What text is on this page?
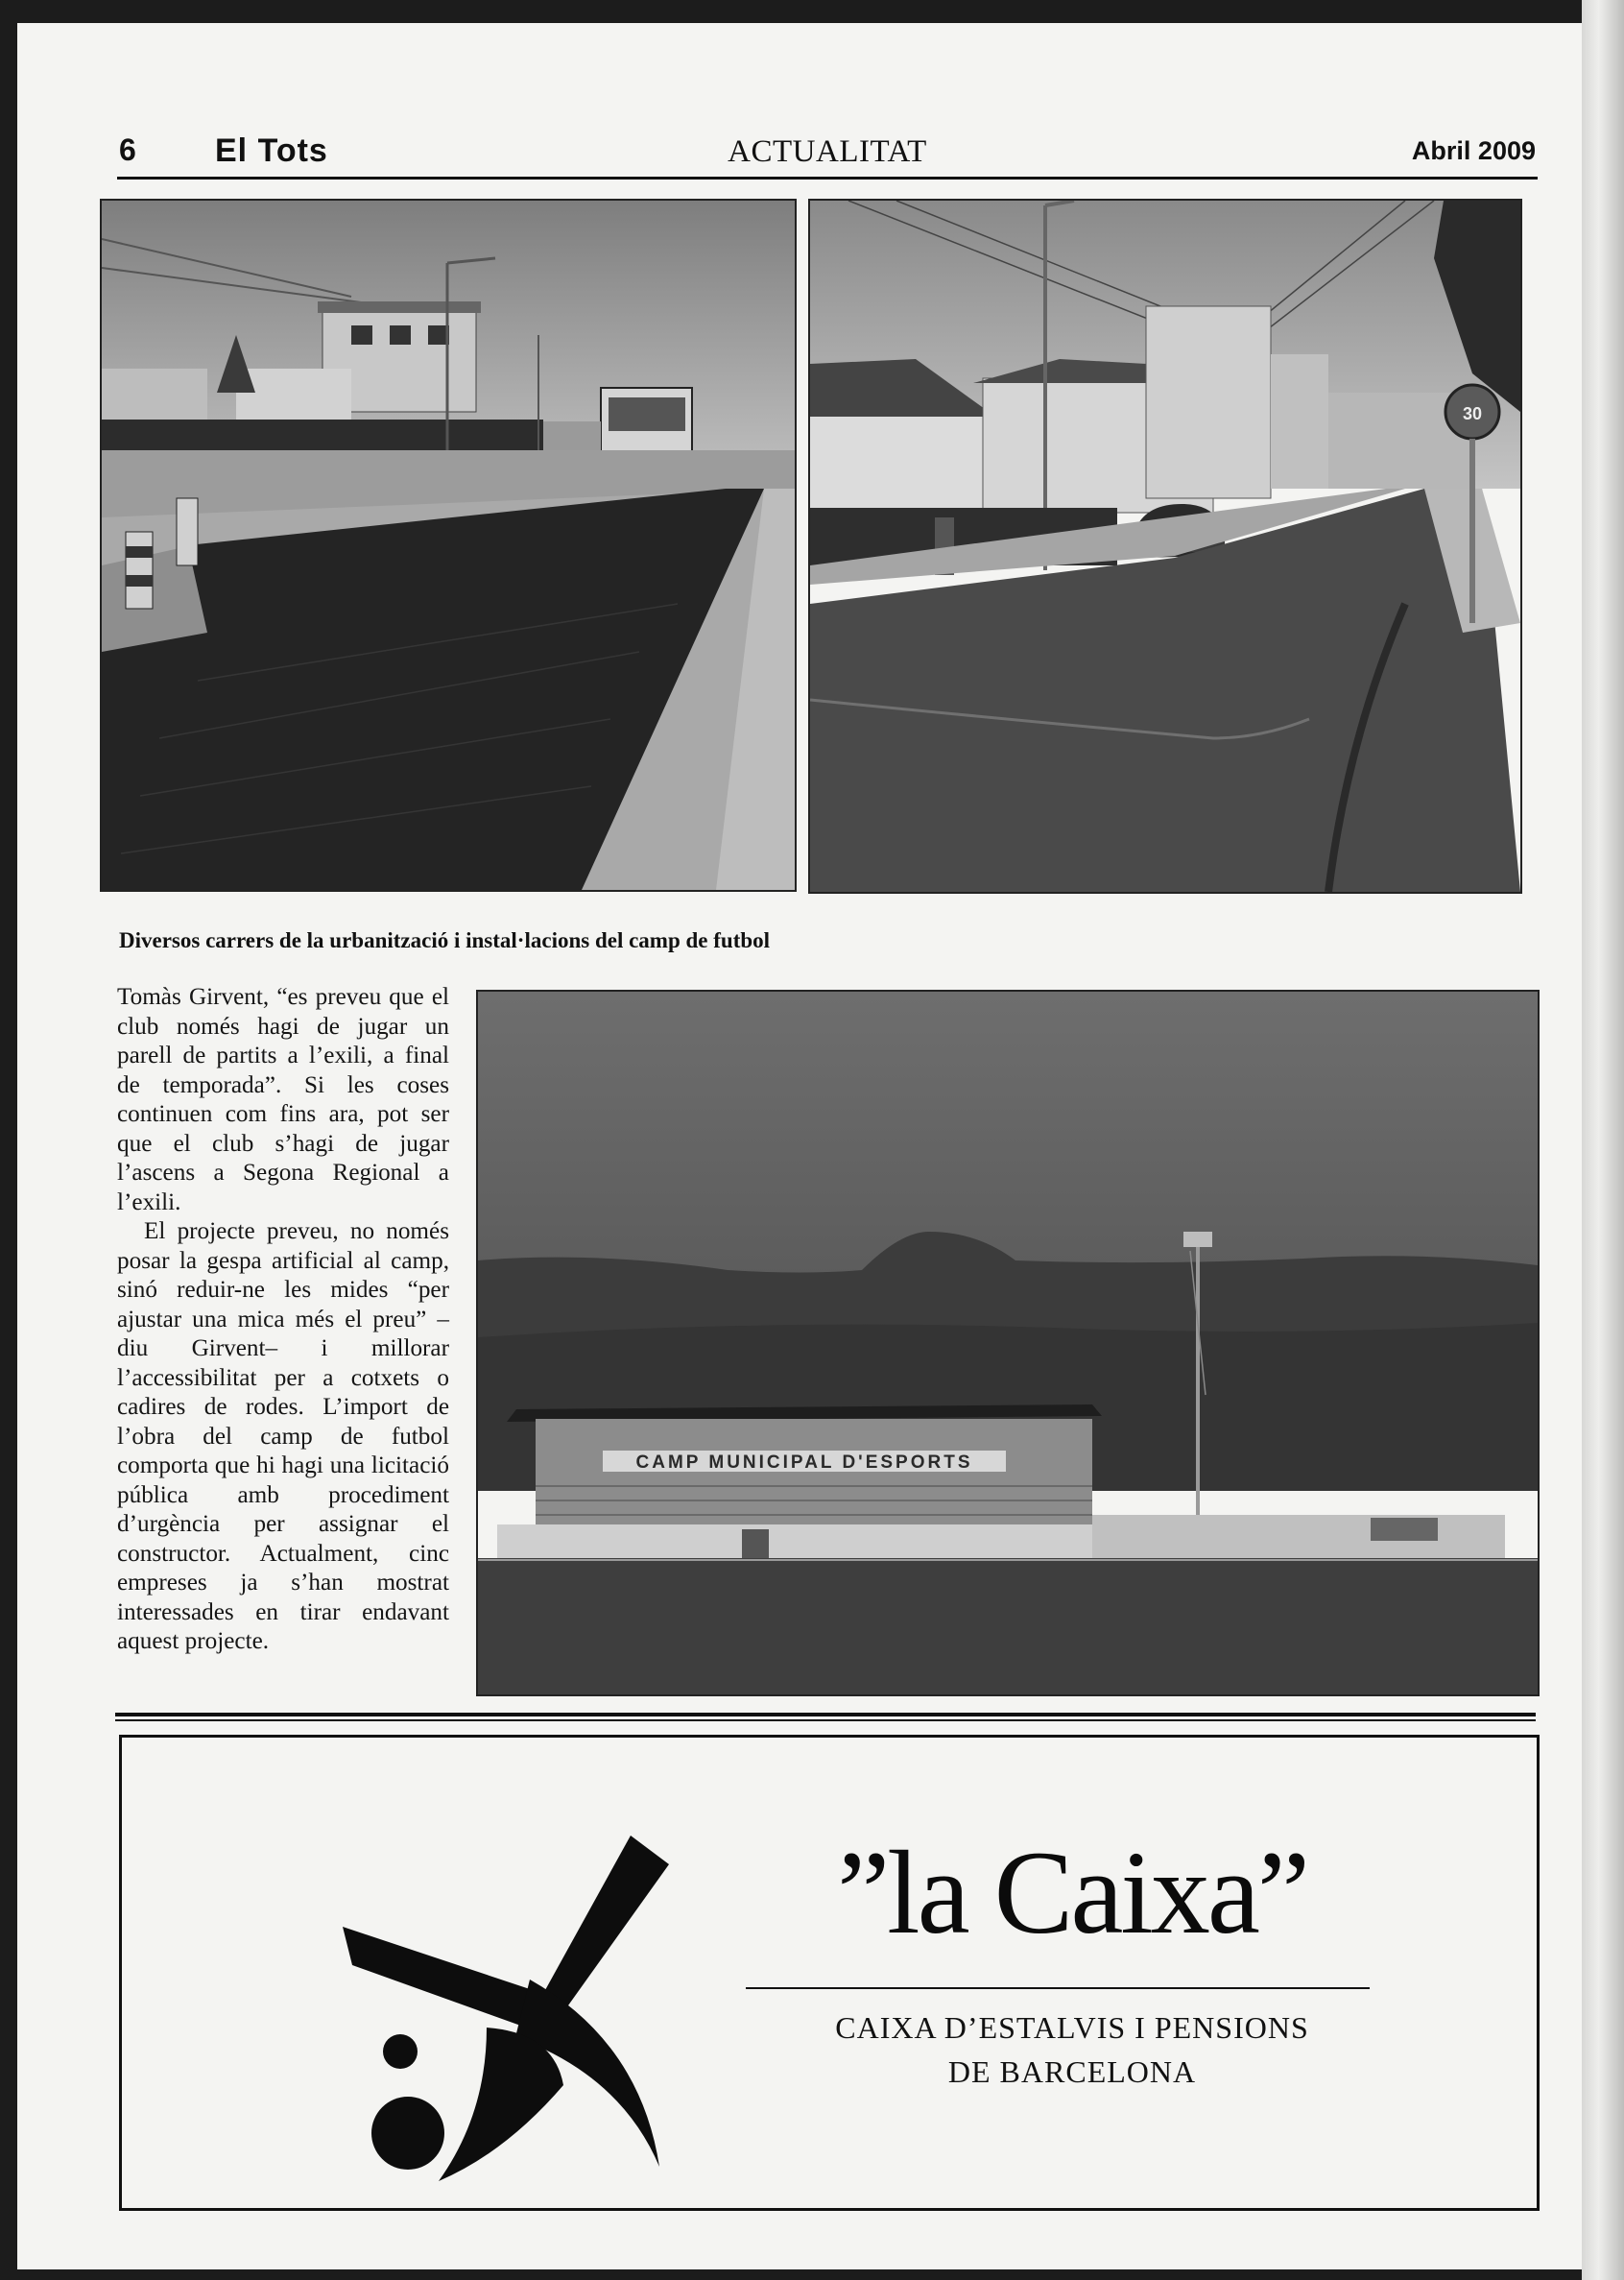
6 El Tots	ACTUALITAT	Abril 2009
30
Diversos carrers de la urbanització i instal·lacions del camp de futbol

Tomàs Girvent, “es preveu que el club només hagi de jugar un parell de partits a l’exili, a final de temporada”. Si les coses continuen com fins ara, pot ser que el club s’hagi de jugar l’ascens a Segona Regional a l’exili.

El projecte preveu, no només posar la gespa artificial al camp, sinó reduir-ne les mides “per ajustar una mica més el preu” –diu Girvent– i millorar l’accessibilitat per a cotxets o cadires de rodes. L’import de l’obra del camp de futbol comporta que hi hagi una licitació pública amb procediment d’urgència per assignar el constructor. Actualment, cinc empreses ja s’han mostrat interessades en tirar endavant aquest projecte.

CAMP MUNICIPAL D'ESPORTS

”la Caixa”
CAIXA D’ESTALVIS I PENSIONS
DE BARCELONA
